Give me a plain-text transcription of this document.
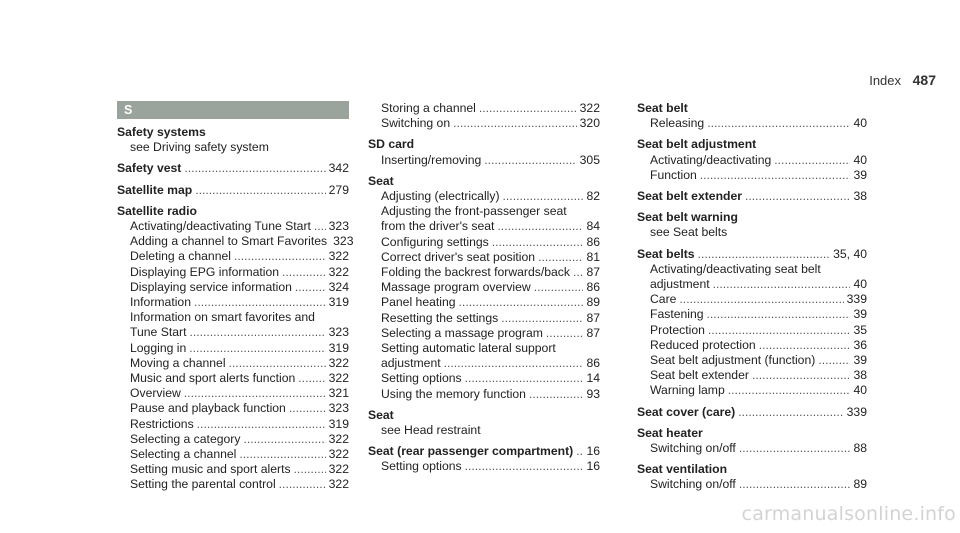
Index 487
S
Safety systems
see Driving safety system
Safety vest .....	342
Satellite map .....	279
Satellite radio
Activating/deactivating Tune Start ..... 323
Adding a channel to Smart Favorites 323
Deleting a channel .....	322
Displaying EPG information .....	322
Displaying service information .....	324
Information .....	319
Information on smart favorites and
Tune Start .....	323
Logging in .....	319
Moving a channel .....	322
Music and sport alerts function .....	322
Overview .....	321
Pause and playback function .....	323
Restrictions .....	319
Selecting a category .....	322
Selecting a channel .....	322
Setting music and sport alerts .....	322
Setting the parental control .....	322
Storing a channel .....	322
Switching on .....	320
SD card
Inserting/removing .....	305
Seat
Adjusting (electrically) .....	82
Adjusting the front-passenger seat
from the driver's seat .....	84
Configuring settings .....	86
Correct driver's seat position .....	81
Folding the backrest forwards/back ..... 87
Massage program overview .....	86
Panel heating .....	89
Resetting the settings .....	87
Selecting a massage program .....	87
Setting automatic lateral support
adjustment .....	86
Setting options .....	14
Using the memory function .....	93
Seat
see Head restraint
Seat (rear passenger compartment) ..... 16
Setting options .....	16
Seat belt
Releasing .....	40
Seat belt adjustment
Activating/deactivating .....	40
Function .....	39
Seat belt extender .....	38
Seat belt warning
see Seat belts
Seat belts .....	35, 40
Activating/deactivating seat belt
adjustment .....	40
Care .....	339
Fastening .....	39
Protection .....	35
Reduced protection .....	36
Seat belt adjustment (function) .....	39
Seat belt extender .....	38
Warning lamp .....	40
Seat cover (care) .....	339
Seat heater
Switching on/off .....	88
Seat ventilation
Switching on/off .....	89
carmanualsonline.info
